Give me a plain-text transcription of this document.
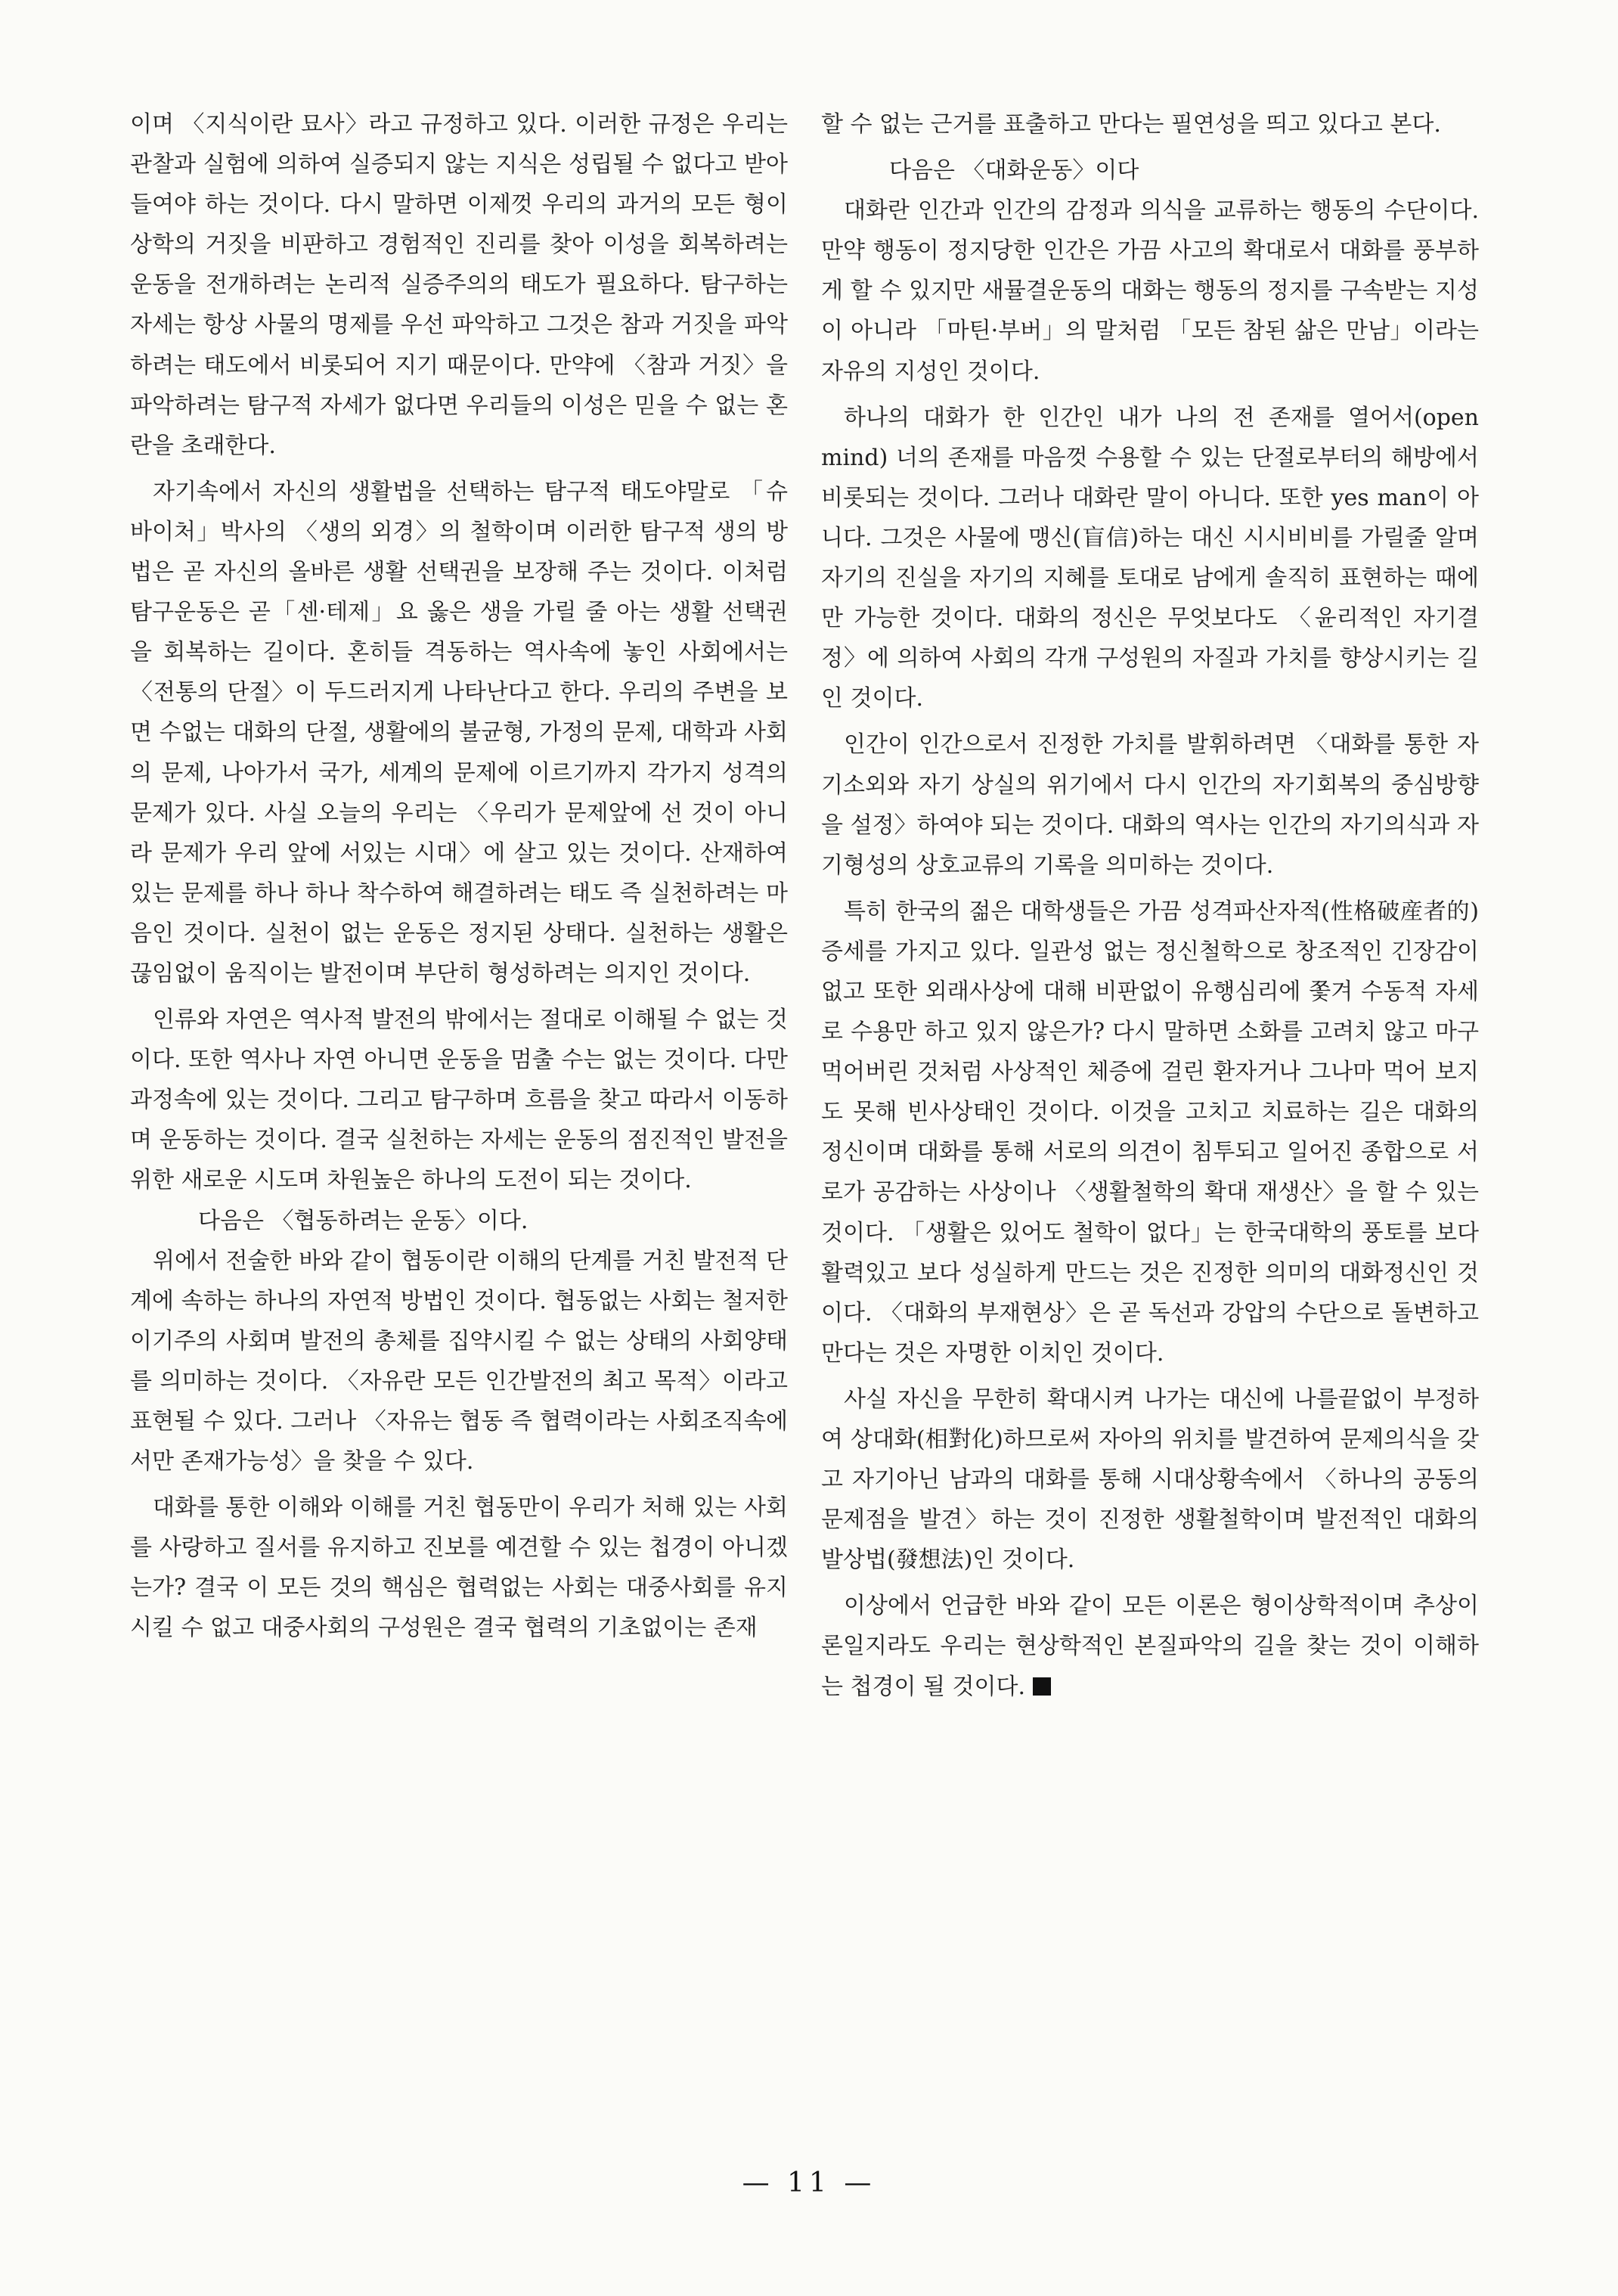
이며 〈지식이란 묘사〉라고 규정하고 있다. 이러한 규정은 우리는 관찰과 실험에 의하여 실증되지 않는 지식은 성립될 수 없다고 받아 들여야 하는 것이다. 다시 말하면 이제껏 우리의 과거의 모든 형이상학의 거짓을 비판하고 경험적인 진리를 찾아 이성을 회복하려는 운동을 전개하려는 논리적 실증주의의 태도가 필요하다. 탐구하는 자세는 항상 사물의 명제를 우선 파악하고 그것은 참과 거짓을 파악하려는 태도에서 비롯되어 지기 때문이다. 만약에 〈참과 거짓〉을 파악하려는 탐구적 자세가 없다면 우리들의 이성은 믿을 수 없는 혼란을 초래한다.

자기속에서 자신의 생활법을 선택하는 탐구적 태도야말로 「슈바이처」박사의 〈생의 외경〉의 철학이며 이러한 탐구적 생의 방법은 곧 자신의 올바른 생활 선택권을 보장해 주는 것이다. 이처럼 탐구운동은 곧「센·테제」요 옳은 생을 가릴 줄 아는 생활 선택권을 회복하는 길이다. 혼히들 격동하는 역사속에 놓인 사회에서는〈전통의 단절〉이 두드러지게 나타난다고 한다. 우리의 주변을 보면 수없는 대화의 단절, 생활에의 불균형, 가정의 문제, 대학과 사회의 문제, 나아가서 국가, 세계의 문제에 이르기까지 각가지 성격의 문제가 있다. 사실 오늘의 우리는 〈우리가 문제앞에 선 것이 아니라 문제가 우리 앞에 서있는 시대〉에 살고 있는 것이다. 산재하여 있는 문제를 하나 하나 착수하여 해결하려는 태도 즉 실천하려는 마음인 것이다. 실천이 없는 운동은 정지된 상태다. 실천하는 생활은 끊임없이 움직이는 발전이며 부단히 형성하려는 의지인 것이다.

인류와 자연은 역사적 발전의 밖에서는 절대로 이해될 수 없는 것이다. 또한 역사나 자연 아니면 운동을 멈출 수는 없는 것이다. 다만 과정속에 있는 것이다. 그리고 탐구하며 흐름을 찾고 따라서 이동하며 운동하는 것이다. 결국 실천하는 자세는 운동의 점진적인 발전을 위한 새로운 시도며 차원높은 하나의 도전이 되는 것이다.

다음은 〈협동하려는 운동〉이다.

위에서 전술한 바와 같이 협동이란 이해의 단계를 거친 발전적 단계에 속하는 하나의 자연적 방법인 것이다. 협동없는 사회는 철저한 이기주의 사회며 발전의 총체를 집약시킬 수 없는 상태의 사회양태를 의미하는 것이다. 〈자유란 모든 인간발전의 최고 목적〉이라고 표현될 수 있다. 그러나 〈자유는 협동 즉 협력이라는 사회조직속에서만 존재가능성〉을 찾을 수 있다.

대화를 통한 이해와 이해를 거친 협동만이 우리가 처해 있는 사회를 사랑하고 질서를 유지하고 진보를 예견할 수 있는 첩경이 아니겠는가? 결국 이 모든 것의 핵심은 협력없는 사회는 대중사회를 유지시킬 수 없고 대중사회의 구성원은 결국 협력의 기초없이는 존재

할 수 없는 근거를 표출하고 만다는 필연성을 띄고 있다고 본다.

다음은 〈대화운동〉이다

대화란 인간과 인간의 감정과 의식을 교류하는 행동의 수단이다. 만약 행동이 정지당한 인간은 가끔 사고의 확대로서 대화를 풍부하게 할 수 있지만 새뮬결운동의 대화는 행동의 정지를 구속받는 지성이 아니라 「마틴·부버」의 말처럼 「모든 참된 삶은 만남」이라는 자유의 지성인 것이다.

하나의 대화가 한 인간인 내가 나의 전 존재를 열어서(open mind) 너의 존재를 마음껏 수용할 수 있는 단절로부터의 해방에서 비롯되는 것이다. 그러나 대화란 말이 아니다. 또한 yes man이 아니다. 그것은 사물에 맹신(盲信)하는 대신 시시비비를 가릴줄 알며 자기의 진실을 자기의 지혜를 토대로 남에게 솔직히 표현하는 때에만 가능한 것이다. 대화의 정신은 무엇보다도 〈윤리적인 자기결정〉에 의하여 사회의 각개 구성원의 자질과 가치를 향상시키는 길인 것이다.

인간이 인간으로서 진정한 가치를 발휘하려면 〈대화를 통한 자기소외와 자기 상실의 위기에서 다시 인간의 자기회복의 중심방향을 설정〉하여야 되는 것이다. 대화의 역사는 인간의 자기의식과 자기형성의 상호교류의 기록을 의미하는 것이다.

특히 한국의 젊은 대학생들은 가끔 성격파산자적(性格破産者的) 증세를 가지고 있다. 일관성 없는 정신철학으로 창조적인 긴장감이 없고 또한 외래사상에 대해 비판없이 유행심리에 쫓겨 수동적 자세로 수용만 하고 있지 않은가? 다시 말하면 소화를 고려치 않고 마구 먹어버린 것처럼 사상적인 체증에 걸린 환자거나 그나마 먹어 보지도 못해 빈사상태인 것이다. 이것을 고치고 치료하는 길은 대화의 정신이며 대화를 통해 서로의 의견이 침투되고 일어진 종합으로 서로가 공감하는 사상이나 〈생활철학의 확대 재생산〉을 할 수 있는 것이다. 「생활은 있어도 철학이 없다」는 한국대학의 풍토를 보다 활력있고 보다 성실하게 만드는 것은 진정한 의미의 대화정신인 것이다. 〈대화의 부재현상〉은 곧 독선과 강압의 수단으로 돌변하고 만다는 것은 자명한 이치인 것이다.

사실 자신을 무한히 확대시켜 나가는 대신에 나를끝없이 부정하여 상대화(相對化)하므로써 자아의 위치를 발견하여 문제의식을 갖고 자기아닌 남과의 대화를 통해 시대상황속에서 〈하나의 공동의 문제점을 발견〉하는 것이 진정한 생활철학이며 발전적인 대화의 발상법(發想法)인 것이다.

이상에서 언급한 바와 같이 모든 이론은 형이상학적이며 추상이론일지라도 우리는 현상학적인 본질파악의 길을 찾는 것이 이해하는 첩경이 될 것이다.

— 11 —
